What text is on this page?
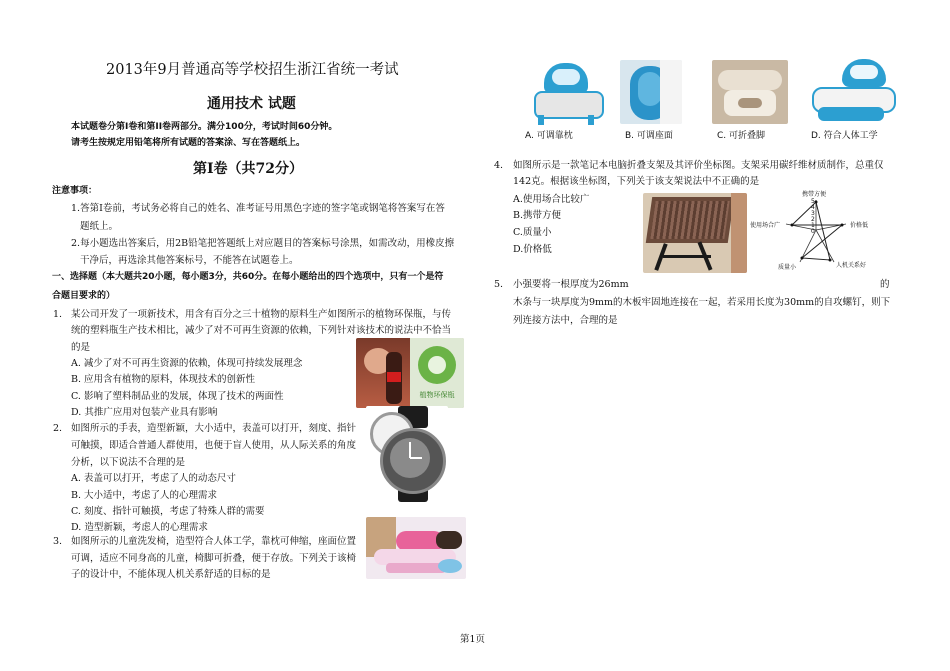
2013年9月普通高等学校招生浙江省统一考试
通用技术 试题
本试题卷分第Ⅰ卷和第II卷两部分。满分100分，考试时间60分钟。
请考生按规定用铅笔将所有试题的答案涂、写在答题纸上。
第Ⅰ卷（共72分）
注意事项：
1.答第Ⅰ卷前，考试务必将自己的姓名、准考证号用黑色字迹的签字笔或钢笔将答案写在答
题纸上。
2.每小题选出答案后，用2B铅笔把答题纸上对应题目的答案标号涂黑，如需改动，用橡皮擦
干净后，再选涂其他答案标号，不能答在试题卷上。
一、选择题（本大题共20小题，每小题3分，共60分。在每小题给出的四个选项中，只有一个是符
合题目要求的）
1. 某公司开发了一项新技术，用含有百分之三十植物的原料生产如图所示的植物环保瓶，与传
统的塑料瓶生产技术相比，减少了对不可再生资源的依赖，下列针对该技术的说法中不恰当
的是
A. 减少了对不可再生资源的依赖，体现可持续发展理念
B. 应用含有植物的原料，体现技术的创新性
C. 影响了塑料制品业的发展，体现了技术的两面性
D. 其推广应用对包装产业具有影响
植物环保瓶
2. 如图所示的手表，造型新颖，大小适中，表盖可以打开，刻度、指针
可触摸，即适合普通人群使用，也便于盲人使用，从人际关系的角度
分析，以下说法不合理的是
A. 表盖可以打开，考虑了人的动态尺寸
B. 大小适中，考虑了人的心理需求
C. 刻度、指针可触摸，考虑了特殊人群的需要
D. 造型新颖，考虑人的心理需求
3. 如图所示的儿童洗发椅，造型符合人体工学，靠枕可伸缩，座面位置
可调，适应不同身高的儿童，椅脚可折叠，便于存放。下列关于该椅
子的设计中，不能体现人机关系舒适的目标的是
A. 可调靠枕	B. 可调座面	C. 可折叠脚	D. 符合人体工学
4. 如图所示是一款笔记本电脑折叠支架及其评价坐标图。支架采用碳纤维材质制作，总重仅
142克。根据该坐标图，下列关于该支架说法中不正确的是
A.使用场合比较广
B.携带方便
C.质量小
D.价格低
携带方便
使用场合广	价格低
质量小	人机关系好
5
4
3
2
1
0
5. 小强要将一根厚度为26mm	的
木条与一块厚度为9mm的木板牢固地连接在一起，若采用长度为30mm的自攻螺钉，则下
列连接方法中，合理的是
第1页
